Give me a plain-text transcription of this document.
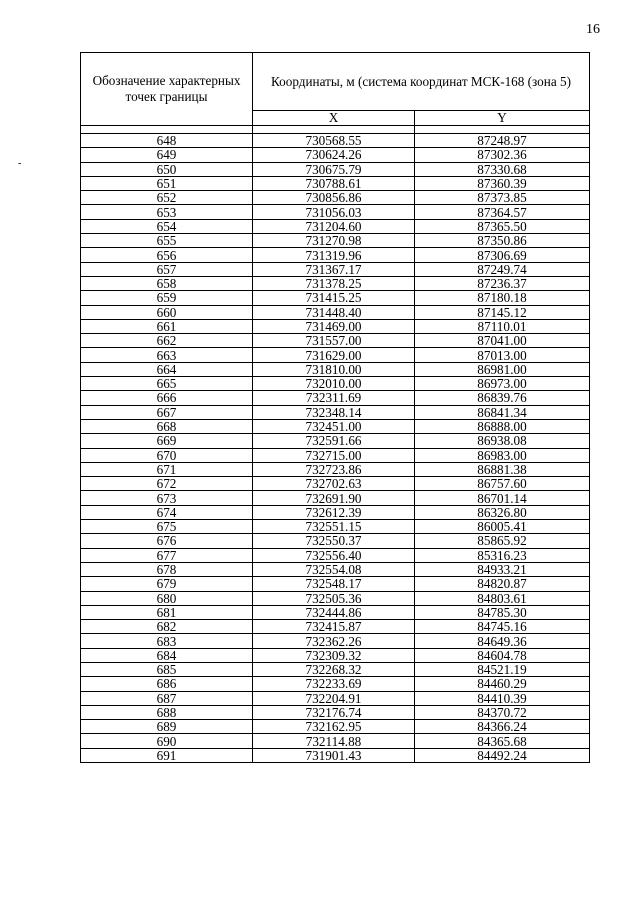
16
-
Обозначение характерных точек границы	Координаты, м (система координат МСК-168 (зона 5)	
	X	Y

648	730568.55	87248.97
649	730624.26	87302.36
650	730675.79	87330.68
651	730788.61	87360.39
652	730856.86	87373.85
653	731056.03	87364.57
654	731204.60	87365.50
655	731270.98	87350.86
656	731319.96	87306.69
657	731367.17	87249.74
658	731378.25	87236.37
659	731415.25	87180.18
660	731448.40	87145.12
661	731469.00	87110.01
662	731557.00	87041.00
663	731629.00	87013.00
664	731810.00	86981.00
665	732010.00	86973.00
666	732311.69	86839.76
667	732348.14	86841.34
668	732451.00	86888.00
669	732591.66	86938.08
670	732715.00	86983.00
671	732723.86	86881.38
672	732702.63	86757.60
673	732691.90	86701.14
674	732612.39	86326.80
675	732551.15	86005.41
676	732550.37	85865.92
677	732556.40	85316.23
678	732554.08	84933.21
679	732548.17	84820.87
680	732505.36	84803.61
681	732444.86	84785.30
682	732415.87	84745.16
683	732362.26	84649.36
684	732309.32	84604.78
685	732268.32	84521.19
686	732233.69	84460.29
687	732204.91	84410.39
688	732176.74	84370.72
689	732162.95	84366.24
690	732114.88	84365.68
691	731901.43	84492.24
